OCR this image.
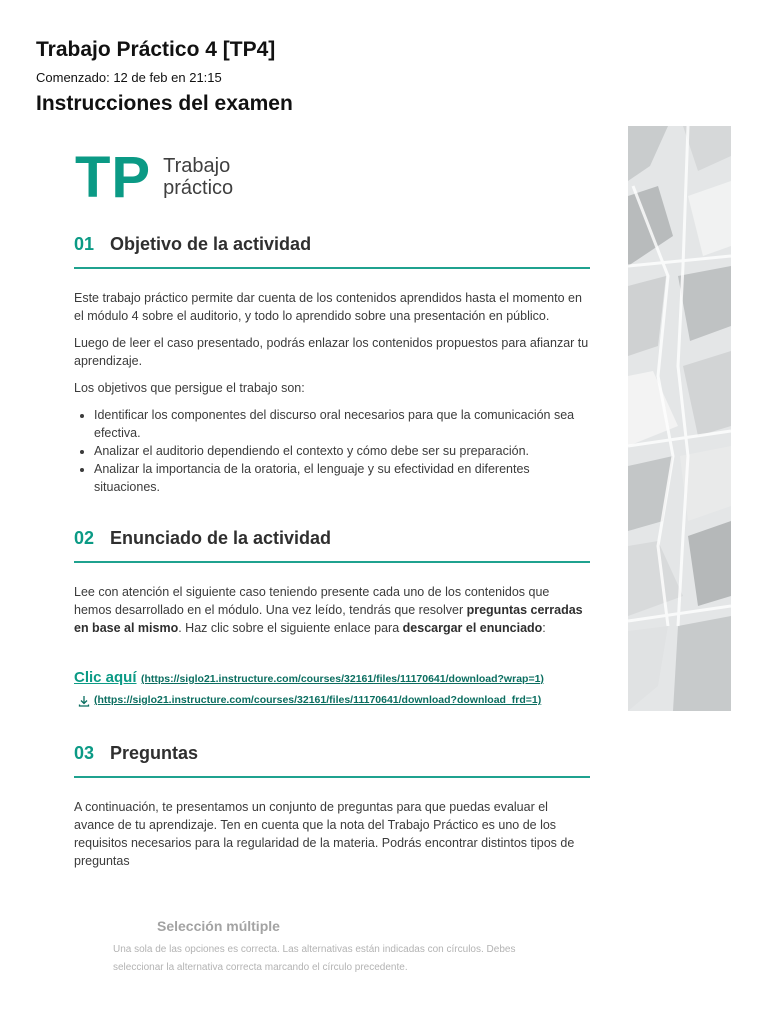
Trabajo Práctico 4 [TP4]
Comenzado: 12 de feb en 21:15
Instrucciones del examen
TP Trabajo
práctico
01 Objetivo de la actividad

Este trabajo práctico permite dar cuenta de los contenidos aprendidos hasta el momento en el módulo 4 sobre el auditorio, y todo lo aprendido sobre una presentación en público.

Luego de leer el caso presentado, podrás enlazar los contenidos propuestos para afianzar tu aprendizaje.

Los objetivos que persigue el trabajo son:

• Identificar los componentes del discurso oral necesarios para que la comunicación sea efectiva.
• Analizar el auditorio dependiendo el contexto y cómo debe ser su preparación.
• Analizar la importancia de la oratoria, el lenguaje y su efectividad en diferentes situaciones.
02 Enunciado de la actividad

Lee con atención el siguiente caso teniendo presente cada uno de los contenidos que hemos desarrollado en el módulo. Una vez leído, tendrás que resolver preguntas cerradas en base al mismo. Haz clic sobre el siguiente enlace para descargar el enunciado:

Clic aquí (https://siglo21.instructure.com/courses/32161/files/11170641/download?wrap=1)
(https://siglo21.instructure.com/courses/32161/files/11170641/download?download_frd=1)
03 Preguntas

A continuación, te presentamos un conjunto de preguntas para que puedas evaluar el avance de tu aprendizaje. Ten en cuenta que la nota del Trabajo Práctico es uno de los requisitos necesarios para la regularidad de la materia. Podrás encontrar distintos tipos de preguntas

Selección múltiple
Una sola de las opciones es correcta. Las alternativas están indicadas con círculos. Debes seleccionar la alternativa correcta marcando el círculo precedente.
